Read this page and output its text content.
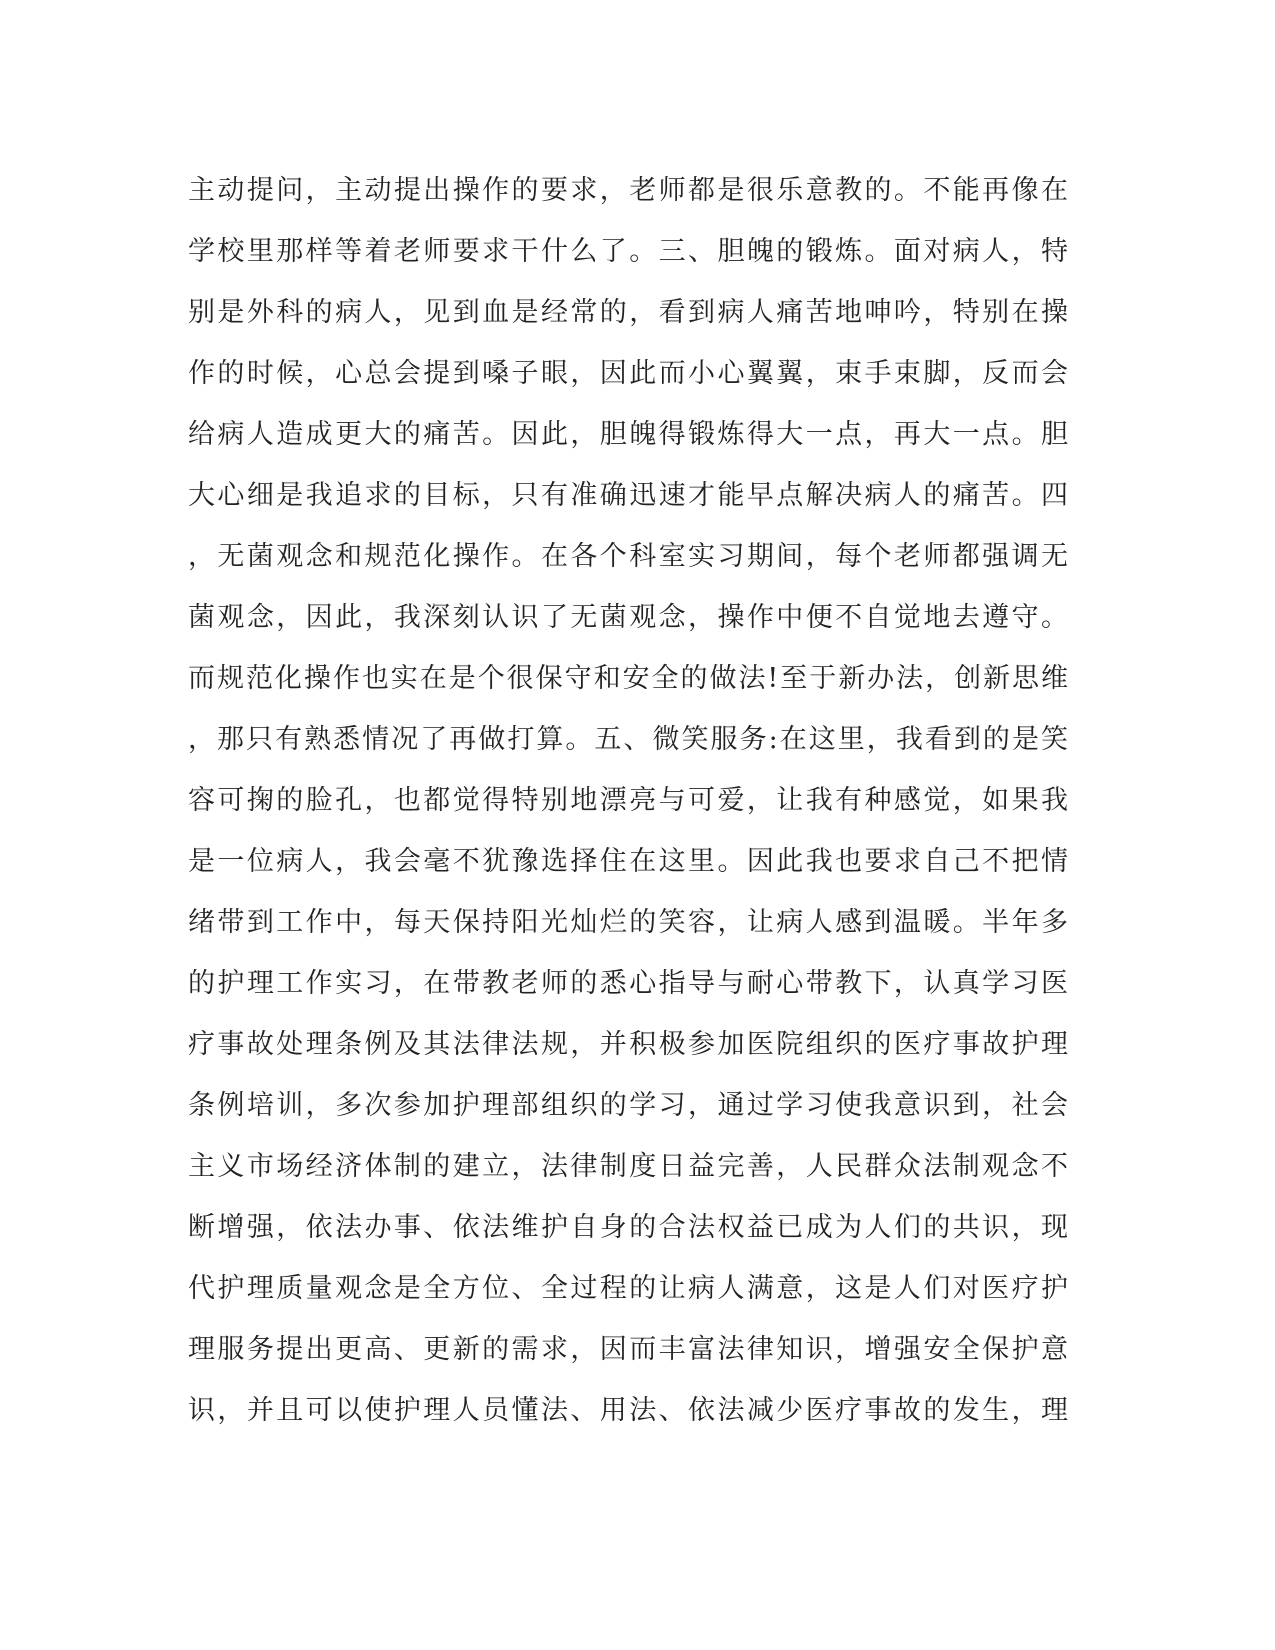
主动提问，主动提出操作的要求，老师都是很乐意教的。不能再像在
学校里那样等着老师要求干什么了。三、胆魄的锻炼。面对病人，特
别是外科的病人，见到血是经常的，看到病人痛苦地呻吟，特别在操
作的时候，心总会提到嗓子眼，因此而小心翼翼，束手束脚，反而会
给病人造成更大的痛苦。因此，胆魄得锻炼得大一点，再大一点。胆
大心细是我追求的目标，只有准确迅速才能早点解决病人的痛苦。四
，无菌观念和规范化操作。在各个科室实习期间，每个老师都强调无
菌观念，因此，我深刻认识了无菌观念，操作中便不自觉地去遵守。
而规范化操作也实在是个很保守和安全的做法!至于新办法，创新思维
，那只有熟悉情况了再做打算。五、微笑服务:在这里，我看到的是笑
容可掬的脸孔，也都觉得特别地漂亮与可爱，让我有种感觉，如果我
是一位病人，我会毫不犹豫选择住在这里。因此我也要求自己不把情
绪带到工作中，每天保持阳光灿烂的笑容，让病人感到温暖。半年多
的护理工作实习，在带教老师的悉心指导与耐心带教下，认真学习医
疗事故处理条例及其法律法规，并积极参加医院组织的医疗事故护理
条例培训，多次参加护理部组织的学习，通过学习使我意识到，社会
主义市场经济体制的建立，法律制度日益完善，人民群众法制观念不
断增强，依法办事、依法维护自身的合法权益已成为人们的共识，现
代护理质量观念是全方位、全过程的让病人满意，这是人们对医疗护
理服务提出更高、更新的需求，因而丰富法律知识，增强安全保护意
识，并且可以使护理人员懂法、用法、依法减少医疗事故的发生，理
